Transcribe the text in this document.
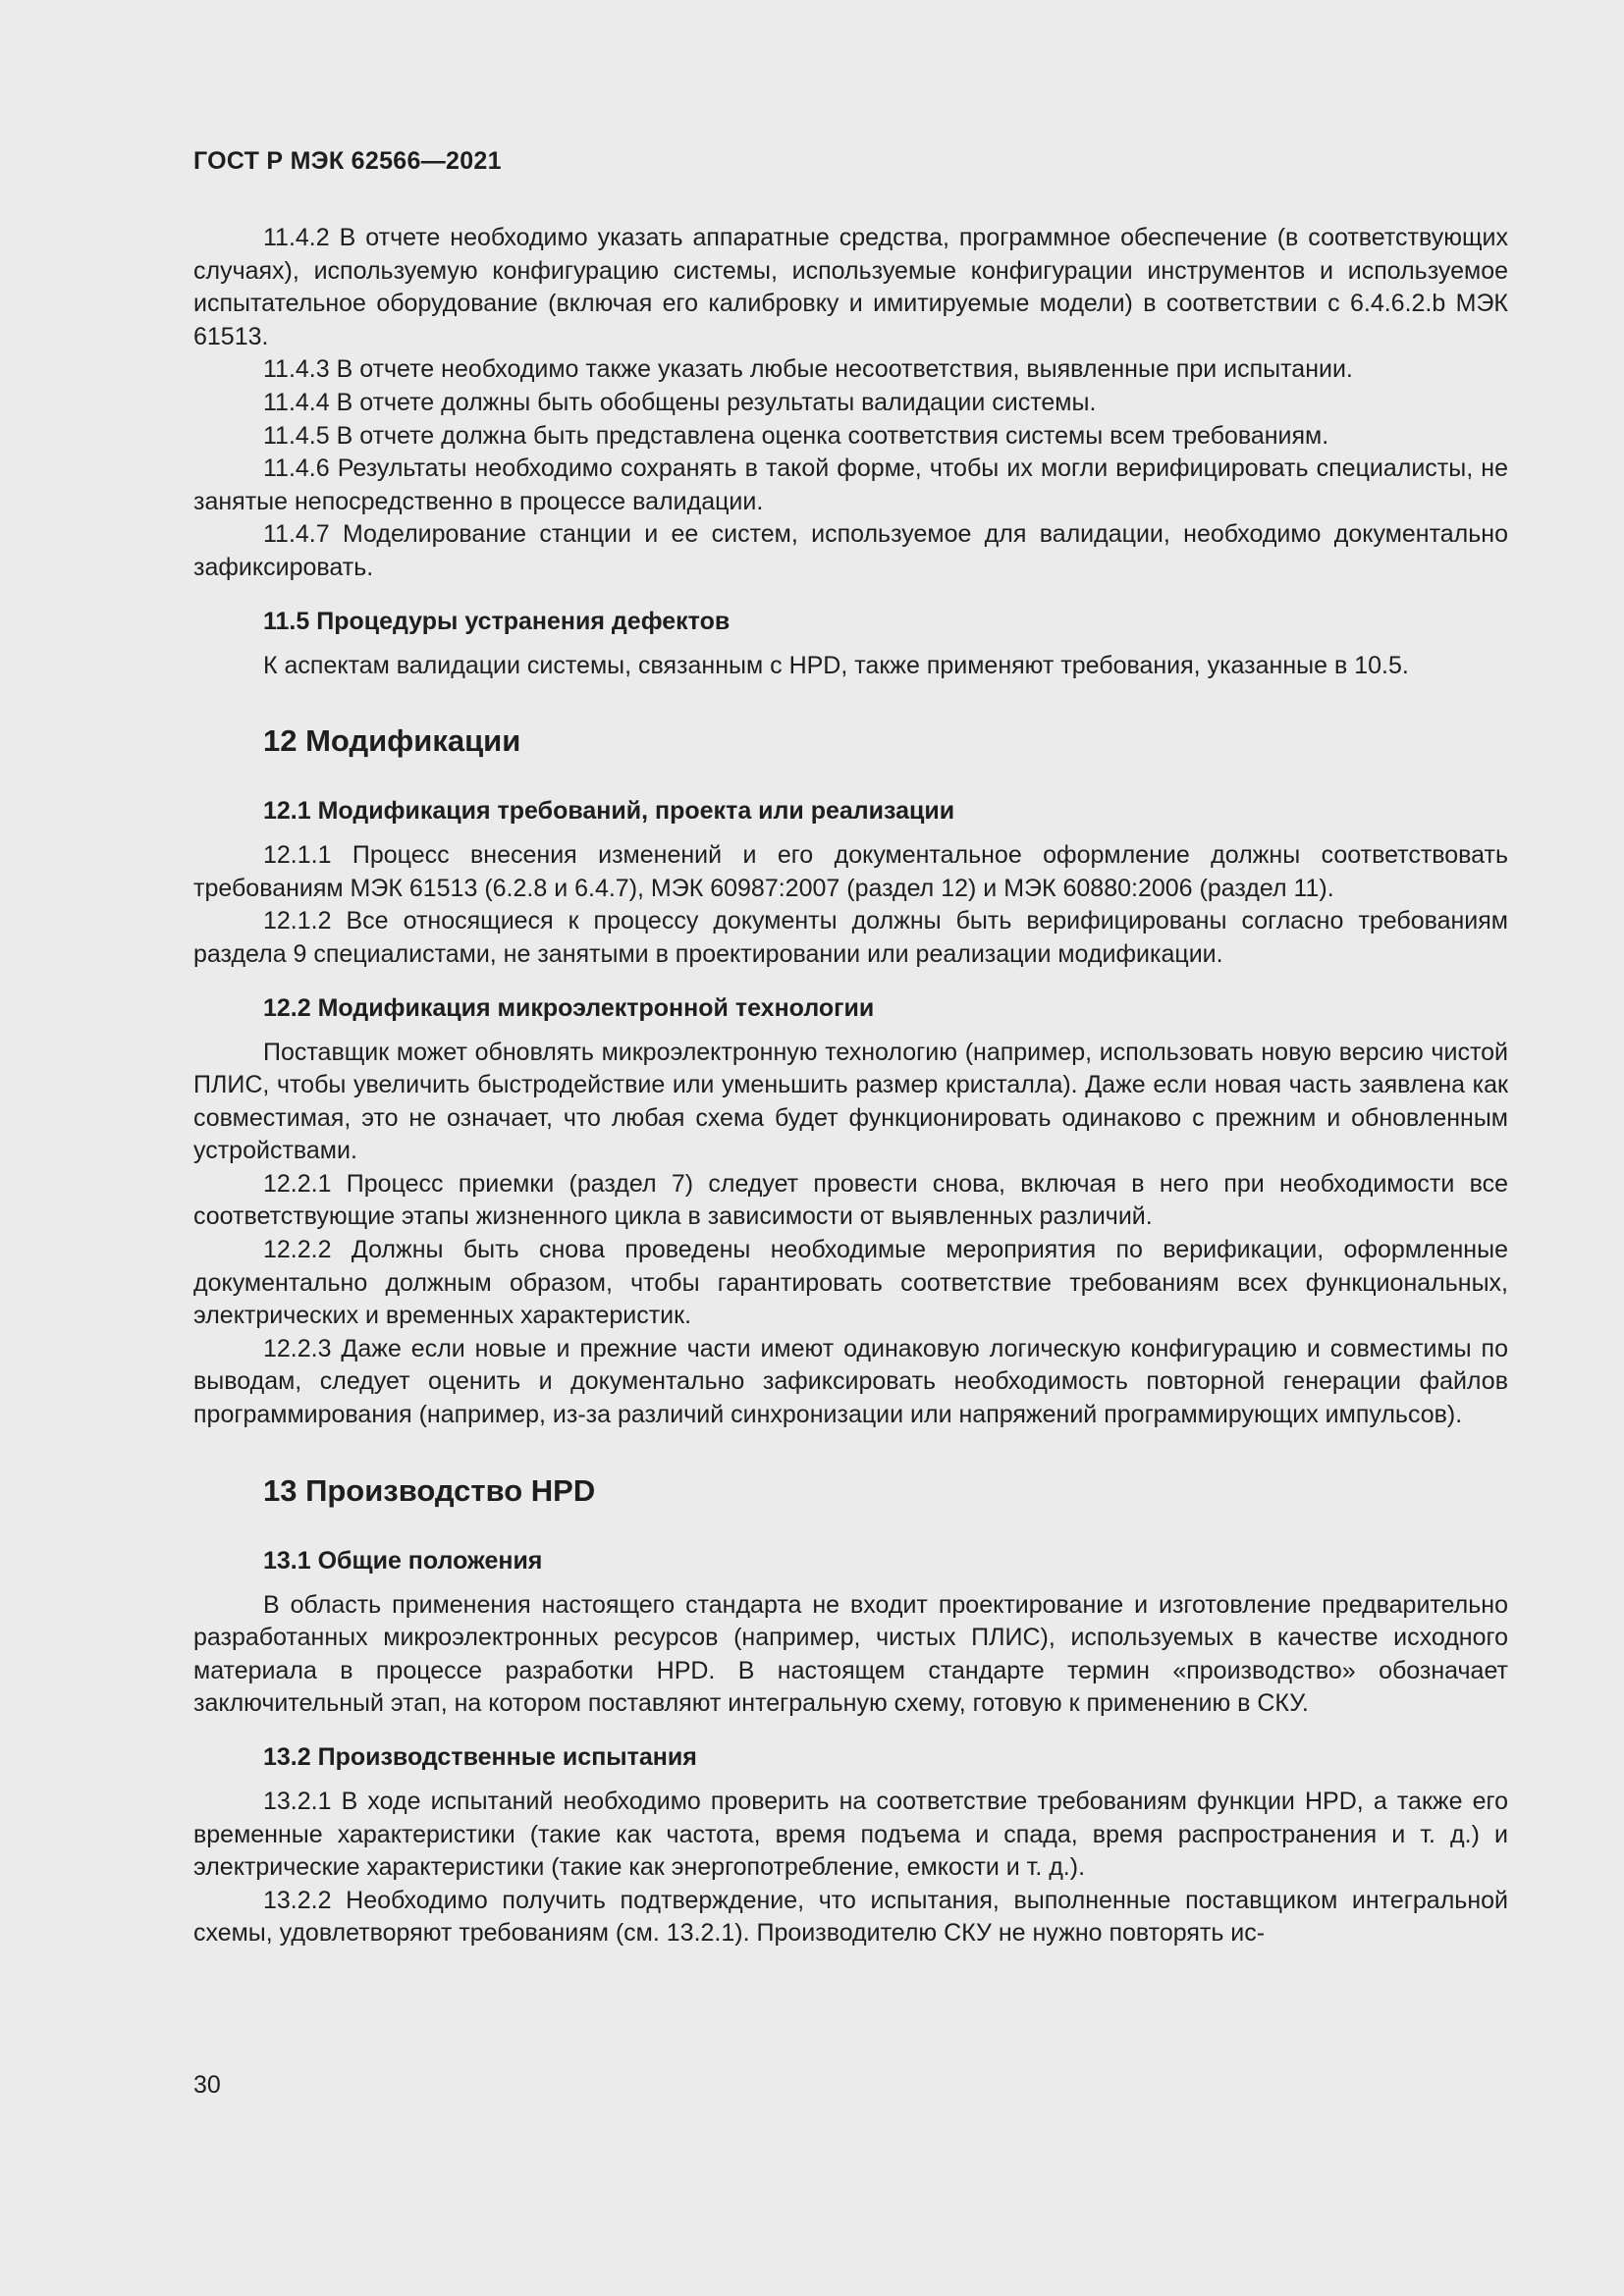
ГОСТ Р МЭК 62566—2021

11.4.2 В отчете необходимо указать аппаратные средства, программное обеспечение (в соответствующих случаях), используемую конфигурацию системы, используемые конфигурации инструментов и используемое испытательное оборудование (включая его калибровку и имитируемые модели) в соответствии с 6.4.6.2.b МЭК 61513.

11.4.3 В отчете необходимо также указать любые несоответствия, выявленные при испытании.

11.4.4 В отчете должны быть обобщены результаты валидации системы.

11.4.5 В отчете должна быть представлена оценка соответствия системы всем требованиям.

11.4.6 Результаты необходимо сохранять в такой форме, чтобы их могли верифицировать специалисты, не занятые непосредственно в процессе валидации.

11.4.7 Моделирование станции и ее систем, используемое для валидации, необходимо документально зафиксировать.

11.5 Процедуры устранения дефектов

К аспектам валидации системы, связанным с HPD, также применяют требования, указанные в 10.5.

12 Модификации
12.1 Модификация требований, проекта или реализации

12.1.1 Процесс внесения изменений и его документальное оформление должны соответствовать требованиям МЭК 61513 (6.2.8 и 6.4.7), МЭК 60987:2007 (раздел 12) и МЭК 60880:2006 (раздел 11).

12.1.2 Все относящиеся к процессу документы должны быть верифицированы согласно требованиям раздела 9 специалистами, не занятыми в проектировании или реализации модификации.

12.2 Модификация микроэлектронной технологии

Поставщик может обновлять микроэлектронную технологию (например, использовать новую версию чистой ПЛИС, чтобы увеличить быстродействие или уменьшить размер кристалла). Даже если новая часть заявлена как совместимая, это не означает, что любая схема будет функционировать одинаково с прежним и обновленным устройствами.

12.2.1 Процесс приемки (раздел 7) следует провести снова, включая в него при необходимости все соответствующие этапы жизненного цикла в зависимости от выявленных различий.

12.2.2 Должны быть снова проведены необходимые мероприятия по верификации, оформленные документально должным образом, чтобы гарантировать соответствие требованиям всех функциональных, электрических и временных характеристик.

12.2.3 Даже если новые и прежние части имеют одинаковую логическую конфигурацию и совместимы по выводам, следует оценить и документально зафиксировать необходимость повторной генерации файлов программирования (например, из-за различий синхронизации или напряжений программирующих импульсов).

13 Производство HPD
13.1 Общие положения

В область применения настоящего стандарта не входит проектирование и изготовление предварительно разработанных микроэлектронных ресурсов (например, чистых ПЛИС), используемых в качестве исходного материала в процессе разработки HPD. В настоящем стандарте термин «производство» обозначает заключительный этап, на котором поставляют интегральную схему, готовую к применению в СКУ.

13.2 Производственные испытания

13.2.1 В ходе испытаний необходимо проверить на соответствие требованиям функции HPD, а также его временные характеристики (такие как частота, время подъема и спада, время распространения и т. д.) и электрические характеристики (такие как энергопотребление, емкости и т. д.).

13.2.2 Необходимо получить подтверждение, что испытания, выполненные поставщиком интегральной схемы, удовлетворяют требованиям (см. 13.2.1). Производителю СКУ не нужно повторять ис-

30
